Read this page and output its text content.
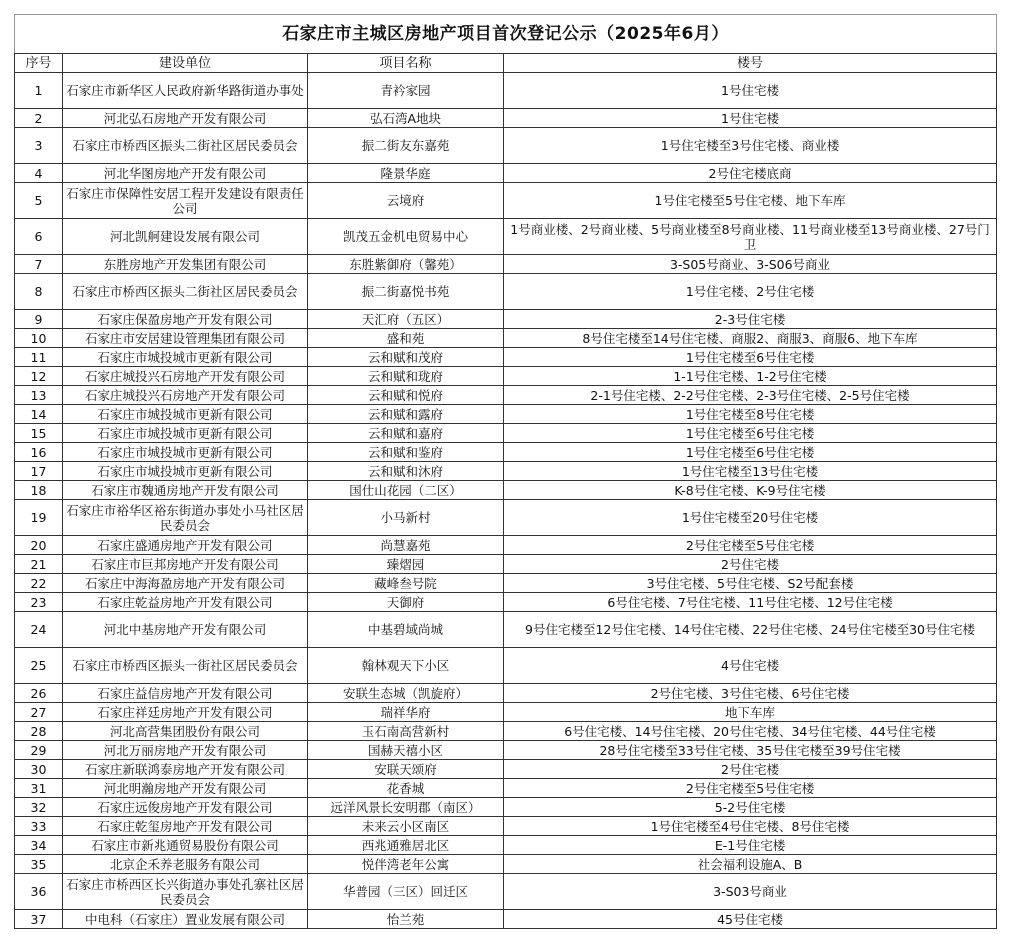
石家庄市主城区房地产项目首次登记公示（2025年6月）			
序号	建设单位	项目名称	楼号
1	石家庄市新华区人民政府新华路街道办事处	青衿家园	1号住宅楼
2	河北弘石房地产开发有限公司	弘石湾A地块	1号住宅楼
3	石家庄市桥西区振头二街社区居民委员会	振二街友东嘉苑	1号住宅楼至3号住宅楼、商业楼
4	河北华图房地产开发有限公司	隆景华庭	2号住宅楼底商
5	石家庄市保障性安居工程开发建设有限责任公司	云境府	1号住宅楼至5号住宅楼、地下车库
6	河北凯舸建设发展有限公司	凯茂五金机电贸易中心	1号商业楼、2号商业楼、5号商业楼至8号商业楼、11号商业楼至13号商业楼、27号门卫
7	东胜房地产开发集团有限公司	东胜紫御府（馨苑）	3-S05号商业、3-S06号商业
8	石家庄市桥西区振头二街社区居民委员会	振二街嘉悦书苑	1号住宅楼、2号住宅楼
9	石家庄保盈房地产开发有限公司	天汇府（五区）	2-3号住宅楼
10	石家庄市安居建设管理集团有限公司	盛和苑	8号住宅楼至14号住宅楼、商服2、商服3、商服6、地下车库
11	石家庄市城投城市更新有限公司	云和赋和茂府	1号住宅楼至6号住宅楼
12	石家庄城投兴石房地产开发有限公司	云和赋和珑府	1-1号住宅楼、1-2号住宅楼
13	石家庄城投兴石房地产开发有限公司	云和赋和悦府	2-1号住宅楼、2-2号住宅楼、2-3号住宅楼、2-5号住宅楼
14	石家庄市城投城市更新有限公司	云和赋和露府	1号住宅楼至8号住宅楼
15	石家庄市城投城市更新有限公司	云和赋和嘉府	1号住宅楼至6号住宅楼
16	石家庄市城投城市更新有限公司	云和赋和鉴府	1号住宅楼至6号住宅楼
17	石家庄市城投城市更新有限公司	云和赋和沐府	1号住宅楼至13号住宅楼
18	石家庄市魏通房地产开发有限公司	国仕山花园（二区）	K-8号住宅楼、K-9号住宅楼
19	石家庄市裕华区裕东街道办事处小马社区居民委员会	小马新村	1号住宅楼至20号住宅楼
20	石家庄盛通房地产开发有限公司	尚慧嘉苑	2号住宅楼至5号住宅楼
21	石家庄市巨邦房地产开发有限公司	臻熠园	2号住宅楼
22	石家庄中海海盈房地产开发有限公司	藏峰叁号院	3号住宅楼、5号住宅楼、S2号配套楼
23	石家庄乾益房地产开发有限公司	天御府	6号住宅楼、7号住宅楼、11号住宅楼、12号住宅楼
24	河北中基房地产开发有限公司	中基碧域尚城	9号住宅楼至12号住宅楼、14号住宅楼、22号住宅楼、24号住宅楼至30号住宅楼
25	石家庄市桥西区振头一街社区居民委员会	翰林观天下小区	4号住宅楼
26	石家庄益信房地产开发有限公司	安联生态城（凯旋府）	2号住宅楼、3号住宅楼、6号住宅楼
27	石家庄祥廷房地产开发有限公司	瑞祥华府	地下车库
28	河北高营集团股份有限公司	玉石南高营新村	6号住宅楼、14号住宅楼、20号住宅楼、34号住宅楼、44号住宅楼
29	河北万丽房地产开发有限公司	国赫天禧小区	28号住宅楼至33号住宅楼、35号住宅楼至39号住宅楼
30	石家庄新联鸿泰房地产开发有限公司	安联天颂府	2号住宅楼
31	河北明瀚房地产开发有限公司	花香城	2号住宅楼至5号住宅楼
32	石家庄远俊房地产开发有限公司	远洋风景长安明郡（南区）	5-2号住宅楼
33	石家庄乾玺房地产开发有限公司	未来云小区南区	1号住宅楼至4号住宅楼、8号住宅楼
34	石家庄市新兆通贸易股份有限公司	西兆通雅居北区	E-1号住宅楼
35	北京企禾养老服务有限公司	悦伴湾老年公寓	社会福利设施A、B
36	石家庄市桥西区长兴街道办事处孔寨社区居民委员会	华普园（三区）回迁区	3-S03号商业
37	中电科（石家庄）置业发展有限公司	怡兰苑	45号住宅楼
